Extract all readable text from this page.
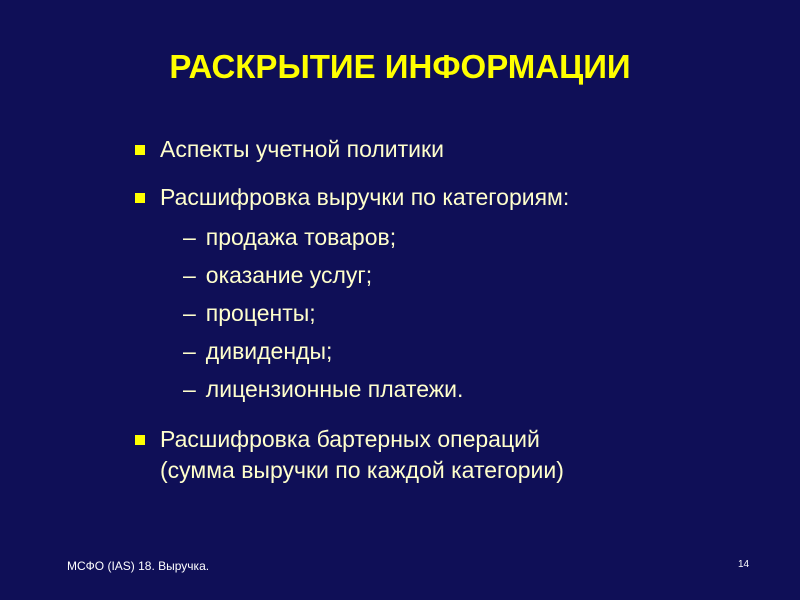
РАСКРЫТИЕ ИНФОРМАЦИИ
Аспекты учетной политики
Расшифровка выручки по категориям:
– продажа товаров;
– оказание услуг;
– проценты;
– дивиденды;
– лицензионные платежи.
Расшифровка бартерных операций
(сумма выручки по каждой категории)
МСФО (IAS) 18. Выручка.	14
